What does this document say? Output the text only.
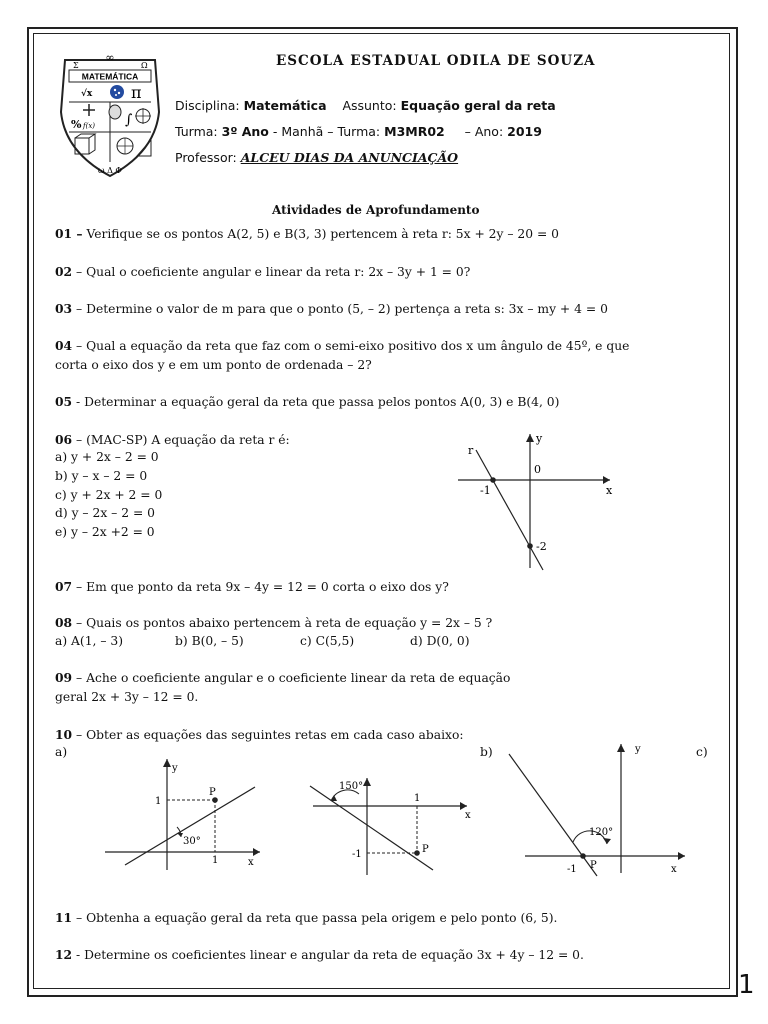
1
∞
Σ	Ω
MATEMÁTICA
√x π
% f(x) ∫
ω Δ Φ
ESCOLA ESTADUAL ODILA DE SOUZA
Disciplina: Matemática Assunto: Equação geral da reta
Turma: 3º Ano - Manhã – Turma: M3MR02 – Ano: 2019
Professor: ALCEU DIAS DA ANUNCIAÇÃO
Atividades de Aprofundamento
01 – Verifique se os pontos A(2, 5) e B(3, 3) pertencem à reta r: 5x + 2y – 20 = 0
02 – Qual o coeficiente angular e linear da reta r: 2x – 3y + 1 = 0?
03 – Determine o valor de m para que o ponto (5, – 2) pertença a reta s: 3x – my + 4 = 0
04 – Qual a equação da reta que faz com o semi-eixo positivo dos x um ângulo de 45º, e que
corta o eixo dos y e em um ponto de ordenada – 2?
05 - Determinar a equação geral da reta que passa pelos pontos A(0, 3) e B(4, 0)
06 – (MAC-SP) A equação da reta r é:
a) y + 2x – 2 = 0
b) y – x – 2 = 0
c) y + 2x + 2 = 0
d) y – 2x – 2 = 0
e) y – 2x +2 = 0
r
y
x
0
-1
-2
07 – Em que ponto da reta 9x – 4y = 12 = 0 corta o eixo dos y?
08 – Quais os pontos abaixo pertencem à reta de equação y = 2x – 5 ?
a) A(1, – 3)	b) B(0, – 5)	c) C(5,5)	d) D(0, 0)
09 – Ache o coeficiente angular e o coeficiente linear da reta de equação
geral 2x + 3y – 12 = 0.
10 – Obter as equações das seguintes retas em cada caso abaixo:
a)	b)	c)
y
x
P
1
1
30°
x
P
1
-1
150°
y
x
P
-1
120°
11 – Obtenha a equação geral da reta que passa pela origem e pelo ponto (6, 5).
12 - Determine os coeficientes linear e angular da reta de equação 3x + 4y – 12 = 0.
